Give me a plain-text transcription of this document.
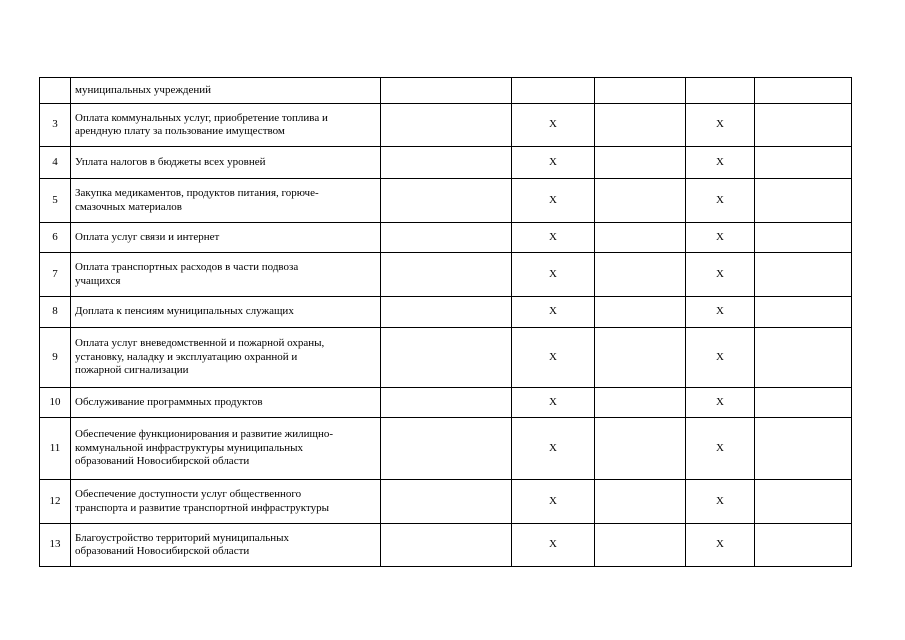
	муниципальных учреждений					

3	Оплата коммунальных услуг, приобретение топлива и
арендную плату за пользование имуществом		X		X	
4	Уплата налогов в бюджеты всех уровней		X		X	
5	Закупка медикаментов, продуктов питания, горюче-
смазочных материалов		X		X	
6	Оплата услуг связи и интернет		X		X	
7	Оплата транспортных расходов в части подвоза
учащихся		X		X	
8	Доплата к пенсиям муниципальных служащих		X		X	
9	Оплата услуг вневедомственной и пожарной охраны,
установку, наладку и эксплуатацию охранной и
пожарной сигнализации		X		X	
10	Обслуживание программных продуктов		X		X	
11	Обеспечение функционирования и развитие жилищно-
коммунальной инфраструктуры муниципальных
образований Новосибирской области		X		X	
12	Обеспечение доступности услуг общественного
транспорта и развитие транспортной инфраструктуры		X		X	
13	Благоустройство территорий муниципальных
образований Новосибирской области		X		X	
